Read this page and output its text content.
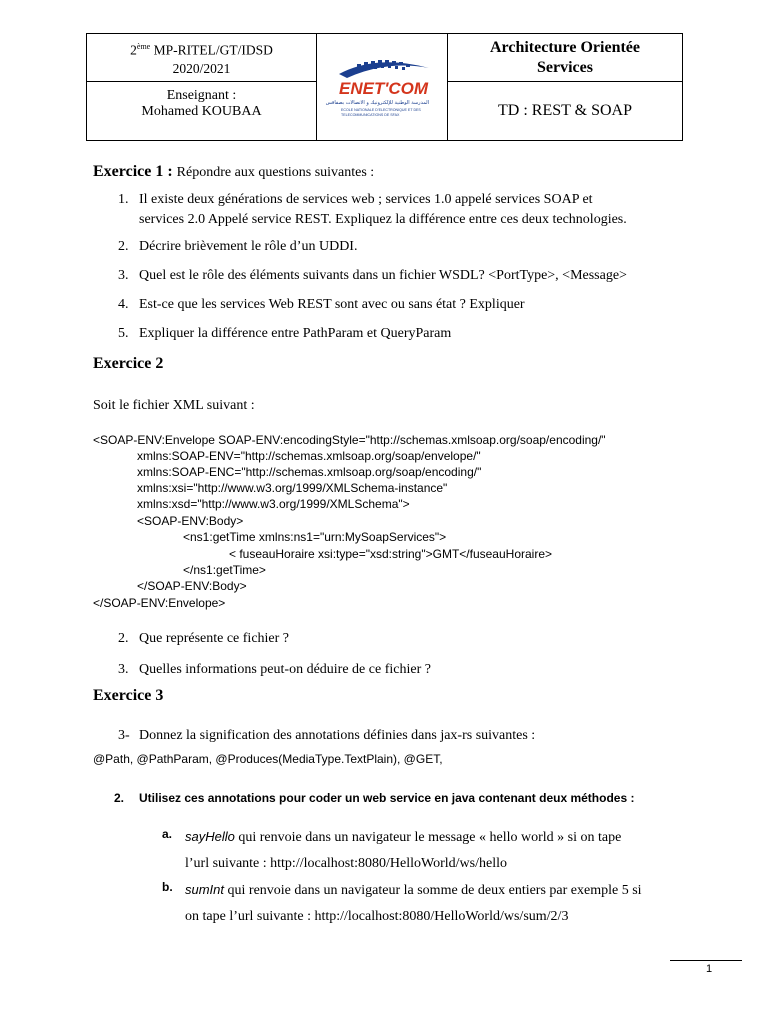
2ème MP-RITEL/GT/IDSD
2020/2021
Enseignant :
Mohamed KOUBAA
ENET'COM
المدرسة الوطنية للإلكترونيك و الاتصالات بصفاقس
ECOLE NATIONALE D'ELECTRONIQUE ET DES
TELECOMMUNICATIONS DE SFAX
Architecture Orientée Services
TD : REST & SOAP
Exercice 1 : Répondre aux questions suivantes :
1. Il existe deux générations de services web ; services 1.0 appelé services SOAP et
services 2.0 Appelé service REST. Expliquez la différence entre ces deux technologies.
2. Décrire brièvement le rôle d’un UDDI.
3. Quel est le rôle des éléments suivants dans un fichier WSDL? <PortType>, <Message>
4. Est-ce que les services Web REST sont avec ou sans état ? Expliquer
5. Expliquer la différence entre PathParam et QueryParam
Exercice 2
Soit le fichier XML suivant :
<SOAP-ENV:Envelope SOAP-ENV:encodingStyle="http://schemas.xmlsoap.org/soap/encoding/"
xmlns:SOAP-ENV="http://schemas.xmlsoap.org/soap/envelope/"
xmlns:SOAP-ENC="http://schemas.xmlsoap.org/soap/encoding/"
xmlns:xsi="http://www.w3.org/1999/XMLSchema-instance"
xmlns:xsd="http://www.w3.org/1999/XMLSchema">
<SOAP-ENV:Body>
<ns1:getTime xmlns:ns1="urn:MySoapServices">
< fuseauHoraire xsi:type="xsd:string">GMT</fuseauHoraire>
</ns1:getTime>
</SOAP-ENV:Body>
</SOAP-ENV:Envelope>
2. Que représente ce fichier ?
3. Quelles informations peut-on déduire de ce fichier ?
Exercice 3
3- Donnez la signification des annotations définies dans jax-rs suivantes :
@Path, @PathParam, @Produces(MediaType.TextPlain), @GET,
2. Utilisez ces annotations pour coder un web service en java contenant deux méthodes :
a. sayHello qui renvoie dans un navigateur le message « hello world » si on tape
l’url suivante : http://localhost:8080/HelloWorld/ws/hello
b. sumInt qui renvoie dans un navigateur la somme de deux entiers par exemple 5 si
on tape l’url suivante : http://localhost:8080/HelloWorld/ws/sum/2/3
1
